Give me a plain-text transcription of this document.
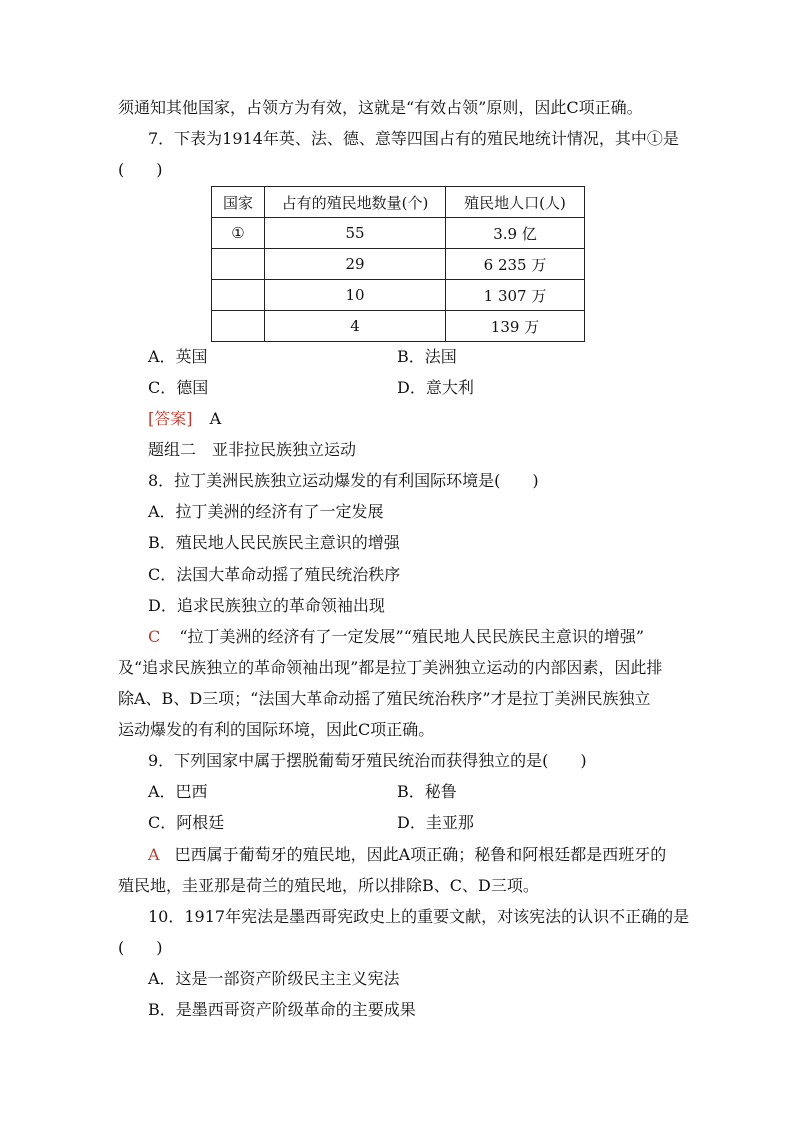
须通知其他国家，占领方为有效，这就是“有效占领”原则，因此C项正确。
7．下表为1914年英、法、德、意等四国占有的殖民地统计情况，其中①是
(　　)
国家	占有的殖民地数量(个)	殖民地人口(人)
①	55	3.9 亿
	29	6 235 万
	10	1 307 万
	4	139 万
A．英国	B．法国
C．德国	D．意大利
[答案] A
题组二　亚非拉民族独立运动
8．拉丁美洲民族独立运动爆发的有利国际环境是(　　)
A．拉丁美洲的经济有了一定发展
B．殖民地人民民族民主意识的增强
C．法国大革命动摇了殖民统治秩序
D．追求民族独立的革命领袖出现
C “拉丁美洲的经济有了一定发展”“殖民地人民民族民主意识的增强”
及“追求民族独立的革命领袖出现”都是拉丁美洲独立运动的内部因素，因此排
除A、B、D三项；“法国大革命动摇了殖民统治秩序”才是拉丁美洲民族独立
运动爆发的有利的国际环境，因此C项正确。
9．下列国家中属于摆脱葡萄牙殖民统治而获得独立的是(　　)
A．巴西	B．秘鲁
C．阿根廷	D．圭亚那
A 巴西属于葡萄牙的殖民地，因此A项正确；秘鲁和阿根廷都是西班牙的
殖民地，圭亚那是荷兰的殖民地，所以排除B、C、D三项。
10．1917年宪法是墨西哥宪政史上的重要文献，对该宪法的认识不正确的是
(　　)
A．这是一部资产阶级民主主义宪法
B．是墨西哥资产阶级革命的主要成果
